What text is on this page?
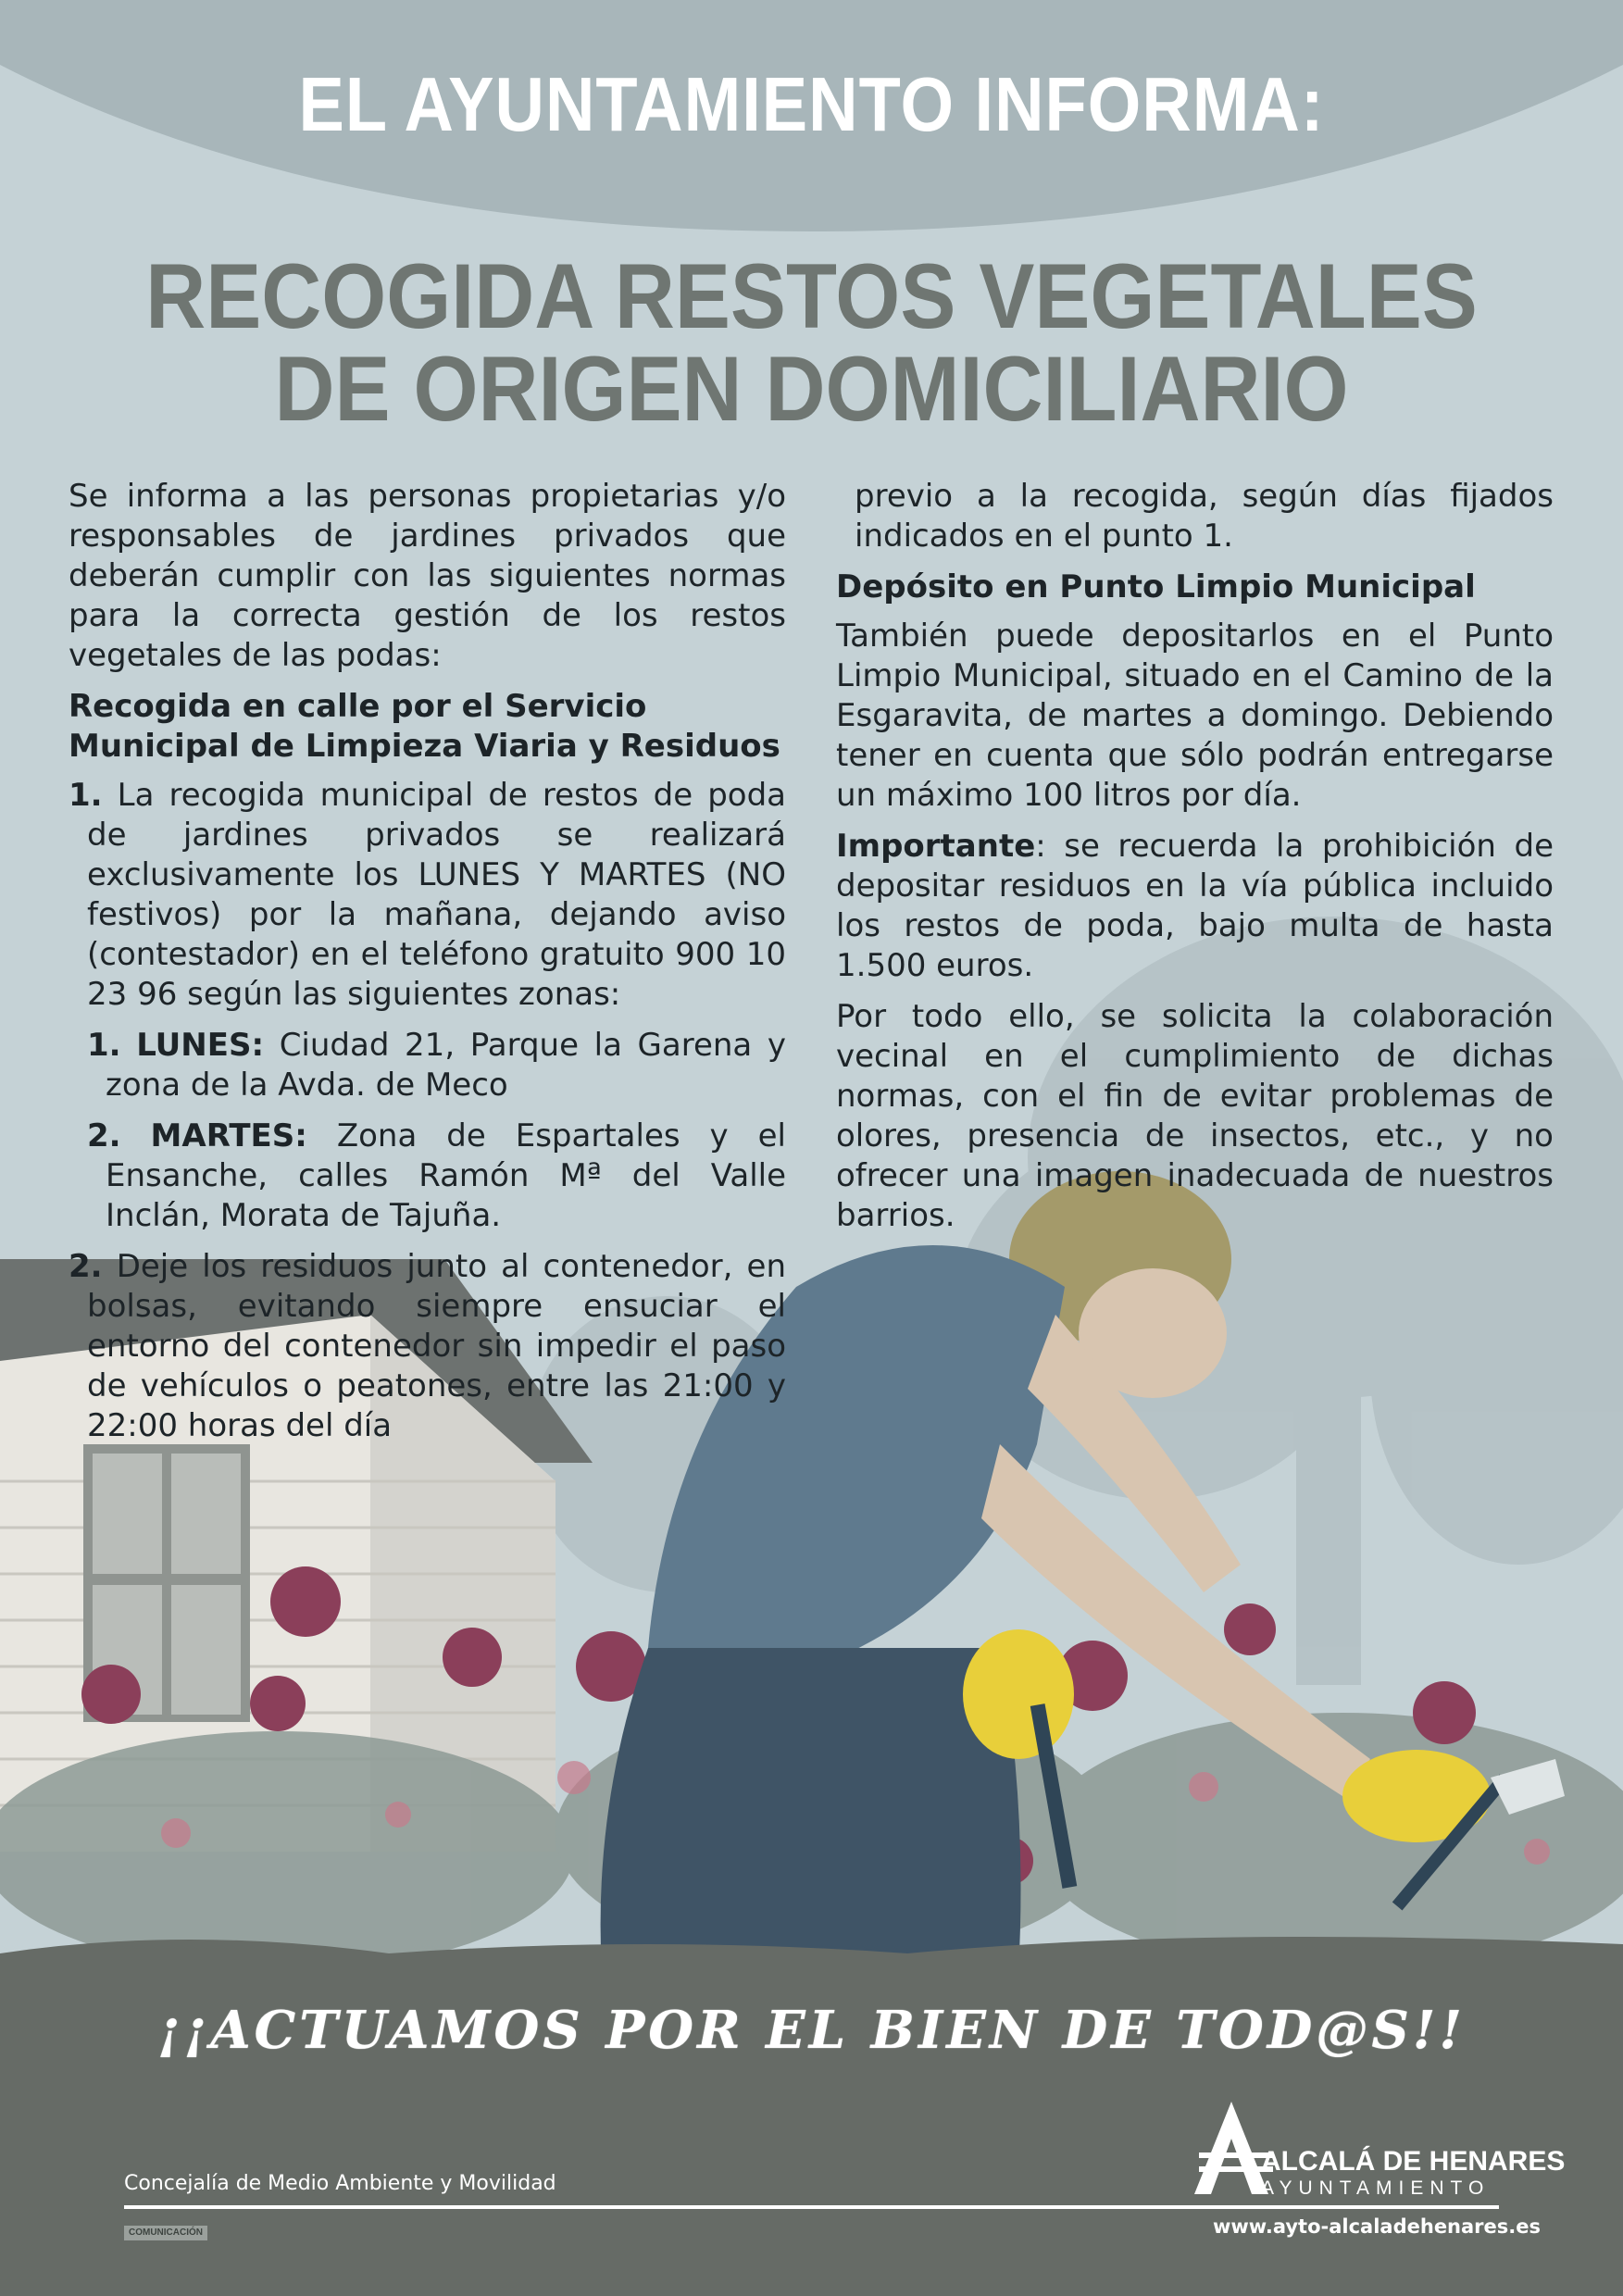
EL AYUNTAMIENTO INFORMA:
RECOGIDA RESTOS VEGETALES
DE ORIGEN DOMICILIARIO

Se informa a las personas propietarias y/o responsables de jardines privados que deberán cumplir con las siguientes normas para la correcta gestión de los restos vegetales de las podas:

Recogida en calle por el Servicio Municipal de Limpieza Viaria y Residuos

1. La recogida municipal de restos de poda de jardines privados se realizará exclusivamente los LUNES Y MARTES (NO festivos) por la mañana, dejando aviso (contestador) en el teléfono gratuito 900 10 23 96 según las siguientes zonas:

1. LUNES: Ciudad 21, Parque la Garena y zona de la Avda. de Meco

2. MARTES: Zona de Espartales y el Ensanche, calles Ramón Mª del Valle Inclán, Morata de Tajuña.

2. Deje los residuos junto al contenedor, en bolsas, evitando siempre ensuciar el entorno del contenedor sin impedir el paso de vehículos o peatones, entre las 21:00 y 22:00 horas del día

previo a la recogida, según días fijados indicados en el punto 1.

Depósito en Punto Limpio Municipal

También puede depositarlos en el Punto Limpio Municipal, situado en el Camino de la Esgaravita, de martes a domingo. Debiendo tener en cuenta que sólo podrán entregarse un máximo 100 litros por día.

Importante: se recuerda la prohibición de depositar residuos en la vía pública incluido los restos de poda, bajo multa de hasta 1.500 euros.

Por todo ello, se solicita la colaboración vecinal en el cumplimiento de dichas normas, con el fin de evitar problemas de olores, presencia de insectos, etc., y no ofrecer una imagen inadecuada de nuestros barrios.

¡¡ACTUAMOS POR EL BIEN DE TOD@S!!
Concejalía de Medio Ambiente y Movilidad
COMUNICACIÓN
ALCALÁ DE HENARES
AYUNTAMIENTO
www.ayto-alcaladehenares.es
